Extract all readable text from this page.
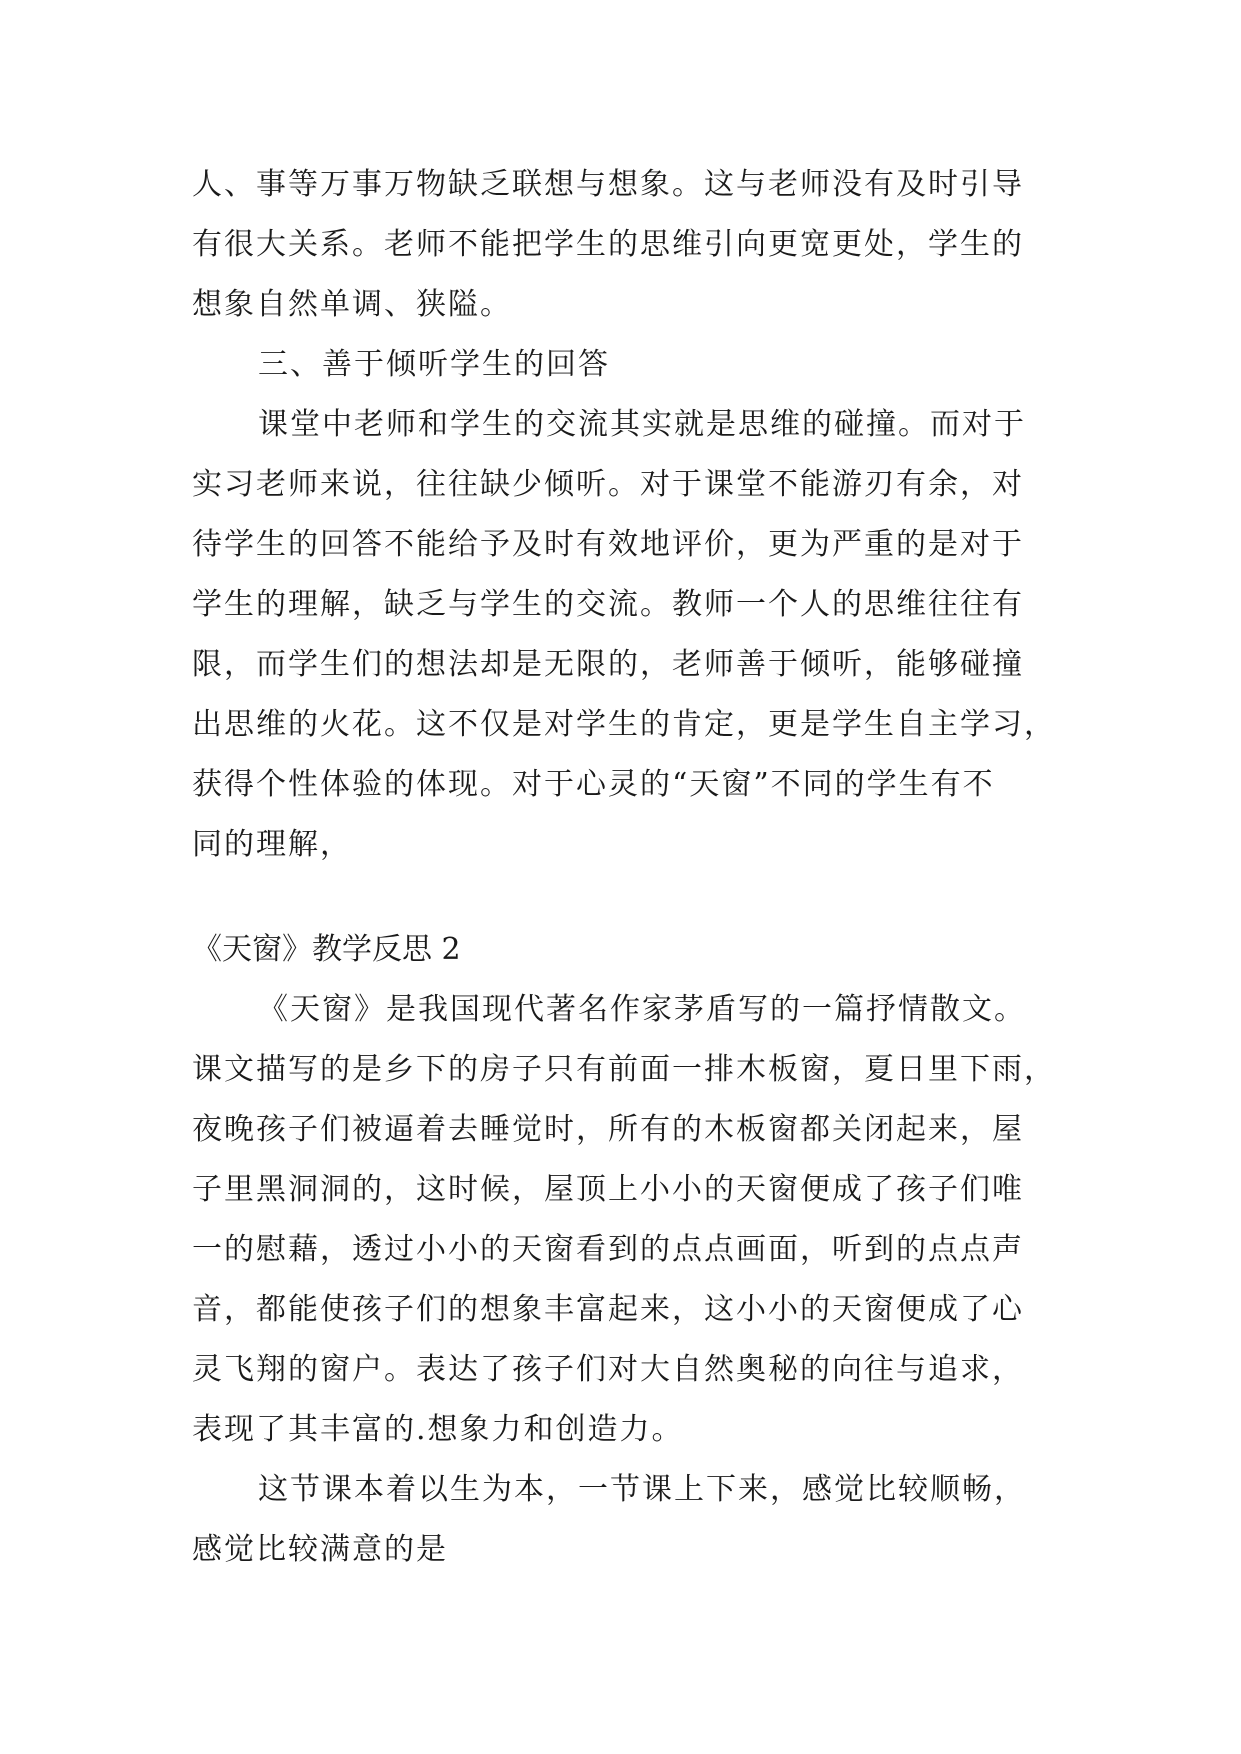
人、事等万事万物缺乏联想与想象。这与老师没有及时引导
有很大关系。老师不能把学生的思维引向更宽更处，学生的
想象自然单调、狭隘。
三、善于倾听学生的回答
课堂中老师和学生的交流其实就是思维的碰撞。而对于
实习老师来说，往往缺少倾听。对于课堂不能游刃有余，对
待学生的回答不能给予及时有效地评价，更为严重的是对于
学生的理解，缺乏与学生的交流。教师一个人的思维往往有
限，而学生们的想法却是无限的，老师善于倾听，能够碰撞
出思维的火花。这不仅是对学生的肯定，更是学生自主学习，
获得个性体验的体现。对于心灵的“天窗”不同的学生有不
同的理解，
《天窗》教学反思 2
《天窗》是我国现代著名作家茅盾写的一篇抒情散文。
课文描写的是乡下的房子只有前面一排木板窗，夏日里下雨，
夜晚孩子们被逼着去睡觉时，所有的木板窗都关闭起来，屋
子里黑洞洞的，这时候，屋顶上小小的天窗便成了孩子们唯
一的慰藉，透过小小的天窗看到的点点画面，听到的点点声
音，都能使孩子们的想象丰富起来，这小小的天窗便成了心
灵飞翔的窗户。表达了孩子们对大自然奥秘的向往与追求，
表现了其丰富的.想象力和创造力。
这节课本着以生为本，一节课上下来，感觉比较顺畅，
感觉比较满意的是
